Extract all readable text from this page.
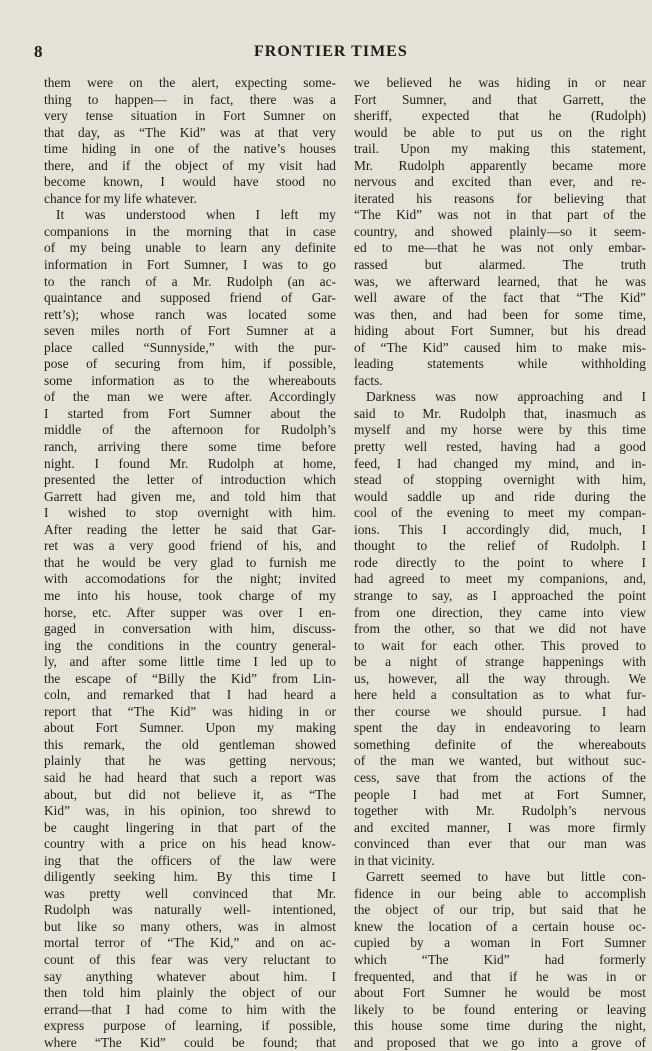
8	FRONTIER TIMES
them were on the alert, expecting some-
thing to happen— in fact, there was a
very tense situation in Fort Sumner on
that day, as “The Kid” was at that very
time hiding in one of the native’s houses
there, and if the object of my visit had
become known, I would have stood no
chance for my life whatever.
It was understood when I left my
companions in the morning that in case
of my being unable to learn any definite
information in Fort Sumner, I was to go
to the ranch of a Mr. Rudolph (an ac-
quaintance and supposed friend of Gar-
rett’s); whose ranch was located some
seven miles north of Fort Sumner at a
place called “Sunnyside,” with the pur-
pose of securing from him, if possible,
some information as to the whereabouts
of the man we were after. Accordingly
I started from Fort Sumner about the
middle of the afternoon for Rudolph’s
ranch, arriving there some time before
night. I found Mr. Rudolph at home,
presented the letter of introduction which
Garrett had given me, and told him that
I wished to stop overnight with him.
After reading the letter he said that Gar-
ret was a very good friend of his, and
that he would be very glad to furnish me
with accomodations for the night; invited
me into his house, took charge of my
horse, etc. After supper was over I en-
gaged in conversation with him, discuss-
ing the conditions in the country general-
ly, and after some little time I led up to
the escape of “Billy the Kid” from Lin-
coln, and remarked that I had heard a
report that “The Kid” was hiding in or
about Fort Sumner. Upon my making
this remark, the old gentleman showed
plainly that he was getting nervous;
said he had heard that such a report was
about, but did not believe it, as “The
Kid” was, in his opinion, too shrewd to
be caught lingering in that part of the
country with a price on his head know-
ing that the officers of the law were
diligently seeking him. By this time I
was pretty well convinced that Mr.
Rudolph was naturally well- intentioned,
but like so many others, was in almost
mortal terror of “The Kid,” and on ac-
count of this fear was very reluctant to
say anything whatever about him. I
then told him plainly the object of our
errand—that I had come to him with the
express purpose of learning, if possible,
where “The Kid” could be found; that
we believed he was hiding in or near
Fort Sumner, and that Garrett, the
sheriff, expected that he (Rudolph)
would be able to put us on the right
trail. Upon my making this statement,
Mr. Rudolph apparently became more
nervous and excited than ever, and re-
iterated his reasons for believing that
“The Kid” was not in that part of the
country, and showed plainly—so it seem-
ed to me—that he was not only embar-
rassed but alarmed. The truth
was, we afterward learned, that he was
well aware of the fact that “The Kid”
was then, and had been for some time,
hiding about Fort Sumner, but his dread
of “The Kid” caused him to make mis-
leading statements while withholding
facts.
Darkness was now approaching and I
said to Mr. Rudolph that, inasmuch as
myself and my horse were by this time
pretty well rested, having had a good
feed, I had changed my mind, and in-
stead of stopping overnight with him,
would saddle up and ride during the
cool of the evening to meet my compan-
ions. This I accordingly did, much, I
thought to the relief of Rudolph. I
rode directly to the point to where I
had agreed to meet my companions, and,
strange to say, as I approached the point
from one direction, they came into view
from the other, so that we did not have
to wait for each other. This proved to
be a night of strange happenings with
us, however, all the way through. We
here held a consultation as to what fur-
ther course we should pursue. I had
spent the day in endeavoring to learn
something definite of the whereabouts
of the man we wanted, but without suc-
cess, save that from the actions of the
people I had met at Fort Sumner,
together with Mr. Rudolph’s nervous
and excited manner, I was more firmly
convinced than ever that our man was
in that vicinity.
Garrett seemed to have but little con-
fidence in our being able to accomplish
the object of our trip, but said that he
knew the location of a certain house oc-
cupied by a woman in Fort Sumner
which “The Kid” had formerly
frequented, and that if he was in or
about Fort Sumner he would be most
likely to be found entering or leaving
this house some time during the night,
and proposed that we go into a grove of
